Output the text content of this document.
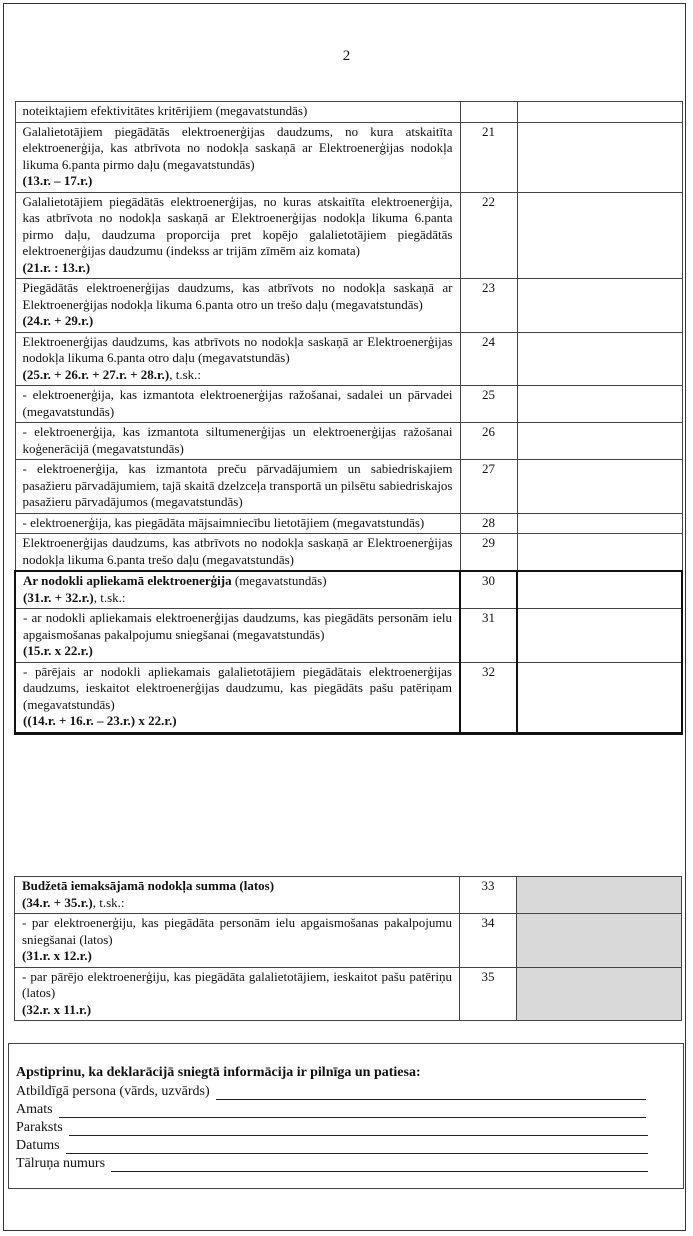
2
noteiktajiem efektivitātes kritērijiem (megavatstundās)		
Galalietotājiem piegādātās elektroenerģijas daudzums, no kura atskaitīta elektroenerģija, kas atbrīvota no nodokļa saskaņā ar Elektroenerģijas nodokļa likuma 6.panta pirmo daļu (megavatstundās)
(13.r. – 17.r.)	21	
Galalietotājiem piegādātās elektroenerģijas, no kuras atskaitīta elektroenerģija, kas atbrīvota no nodokļa saskaņā ar Elektroenerģijas nodokļa likuma 6.panta pirmo daļu, daudzuma proporcija pret kopējo galalietotājiem piegādātās elektroenerģijas daudzumu (indekss ar trijām zīmēm aiz komata)
(21.r. : 13.r.)	22	
Piegādātās elektroenerģijas daudzums, kas atbrīvots no nodokļa saskaņā ar Elektroenerģijas nodokļa likuma 6.panta otro un trešo daļu (megavatstundās)
(24.r. + 29.r.)	23	
Elektroenerģijas daudzums, kas atbrīvots no nodokļa saskaņā ar Elektroenerģijas nodokļa likuma 6.panta otro daļu (megavatstundās)
(25.r. + 26.r. + 27.r. + 28.r.), t.sk.:	24	
- elektroenerģija, kas izmantota elektroenerģijas ražošanai, sadalei un pārvadei (megavatstundās)	25	
- elektroenerģija, kas izmantota siltumenerģijas un elektroenerģijas ražošanai koģenerācijā (megavatstundās)	26	
- elektroenerģija, kas izmantota preču pārvadājumiem un sabiedriskajiem pasažieru pārvadājumiem, tajā skaitā dzelzceļa transportā un pilsētu sabiedriskajos pasažieru pārvadājumos (megavatstundās)	27	
- elektroenerģija, kas piegādāta mājsaimniecību lietotājiem (megavatstundās)	28	
Elektroenerģijas daudzums, kas atbrīvots no nodokļa saskaņā ar Elektroenerģijas nodokļa likuma 6.panta trešo daļu (megavatstundās)	29	
Ar nodokli apliekamā elektroenerģija (megavatstundās)
(31.r. + 32.r.), t.sk.:	30	
- ar nodokli apliekamais elektroenerģijas daudzums, kas piegādāts personām ielu apgaismošanas pakalpojumu sniegšanai (megavatstundās)
(15.r. x 22.r.)	31	
- pārējais ar nodokli apliekamais galalietotājiem piegādātais elektroenerģijas daudzums, ieskaitot elektroenerģijas daudzumu, kas piegādāts pašu patēriņam (megavatstundās)
((14.r. + 16.r. – 23.r.) x 22.r.)	32	
Budžetā iemaksājamā nodokļa summa (latos)
(34.r. + 35.r.), t.sk.:	33	
- par elektroenerģiju, kas piegādāta personām ielu apgaismošanas pakalpojumu sniegšanai (latos)
(31.r. x 12.r.)	34	
- par pārējo elektroenerģiju, kas piegādāta galalietotājiem, ieskaitot pašu patēriņu (latos)
(32.r. x 11.r.)	35	
Apstiprinu, ka deklarācijā sniegtā informācija ir pilnīga un patiesa:
Atbildīgā persona (vārds, uzvārds)
Amats
Paraksts
Datums
Tālruņa numurs
